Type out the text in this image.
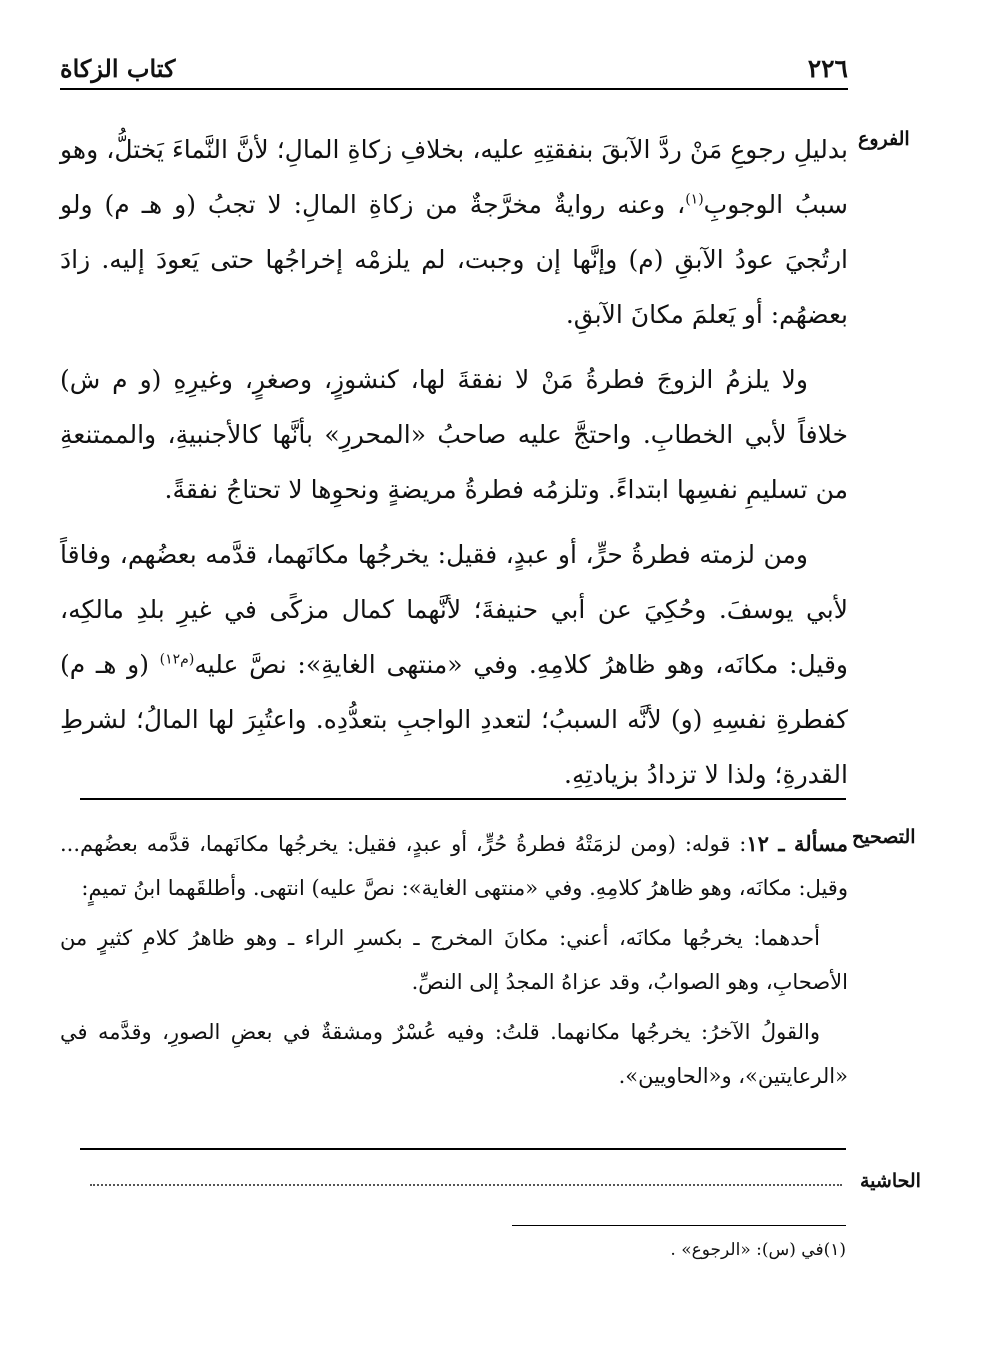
٢٢٦
كتاب الزكاة
الفروع
التصحيح
الحاشية

بدليلِ رجوعِ مَنْ ردَّ الآبقَ بنفقتِهِ عليه، بخلافِ زكاةِ المالِ؛ لأنَّ النَّماءَ يَختلُّ، وهو سببُ الوجوبِ$^{(١)}$، وعنه روايةٌ مخرَّجةٌ من زكاةِ المالِ: لا تجبُ (و هـ م) ولو ارتُجيَ عودُ الآبقِ (م) وإنَّها إن وجبت، لم يلزمْه إخراجُها حتى يَعودَ إليه. زادَ بعضهُم: أو يَعلمَ مكانَ الآبقِ.

ولا يلزمُ الزوجَ فطرةُ مَنْ لا نفقةَ لها، كنشوزٍ، وصغرٍ، وغيرِهِ (و م ش) خلافاً لأبي الخطابِ. واحتجَّ عليه صاحبُ «المحررِ» بأنَّها كالأجنبيةِ، والممتنعةِ من تسليمِ نفسِها ابتداءً. وتلزمُه فطرةُ مريضةٍ ونحوِها لا تحتاجُ نفقةً.

ومن لزمته فطرةُ حرٍّ، أو عبدٍ، فقيل: يخرجُها مكانَهما، قدَّمه بعضُهم، وفاقاً لأبي يوسفَ. وحُكِيَ عن أبي حنيفةَ؛ لأنَّهما كمال مزكًى في غيرِ بلدِ مالكِه، وقيل: مكانَه، وهو ظاهرُ كلامِهِ. وفي «منتهى الغايةِ»: نصَّ عليه$^{(م١٢)}$ (و هـ م) كفطرةِ نفسِهِ (و) لأنَّه السببُ؛ لتعددِ الواجبِ بتعدُّدِه. واعتُبِرَ لها المالُ؛ لشرطِ القدرةِ؛ ولذا لا تزدادُ بزيادتِهِ.

مسألة ـ ١٢: قوله: (ومن لزمَتْهُ فطرةُ حُرٍّ، أو عبدٍ، فقيل: يخرجُها مكانَهما، قدَّمه بعضُهم... وقيل: مكانَه، وهو ظاهرُ كلامِهِ. وفي «منتهى الغاية»: نصَّ عليه) انتهى. وأطلقَهما ابنُ تميمٍ:

أحدهما: يخرجُها مكانَه، أعني: مكانَ المخرج ـ بكسرِ الراء ـ وهو ظاهرُ كلامِ كثيرٍ من الأصحابِ، وهو الصوابُ، وقد عزاهُ المجدُ إلى النصِّ.

والقولُ الآخرُ: يخرجُها مكانهما. قلتُ: وفيه عُسْرٌ ومشقةٌ في بعضِ الصورِ، وقدَّمه في «الرعايتين»، و«الحاويين».

(١)في (س): «الرجوع» .
